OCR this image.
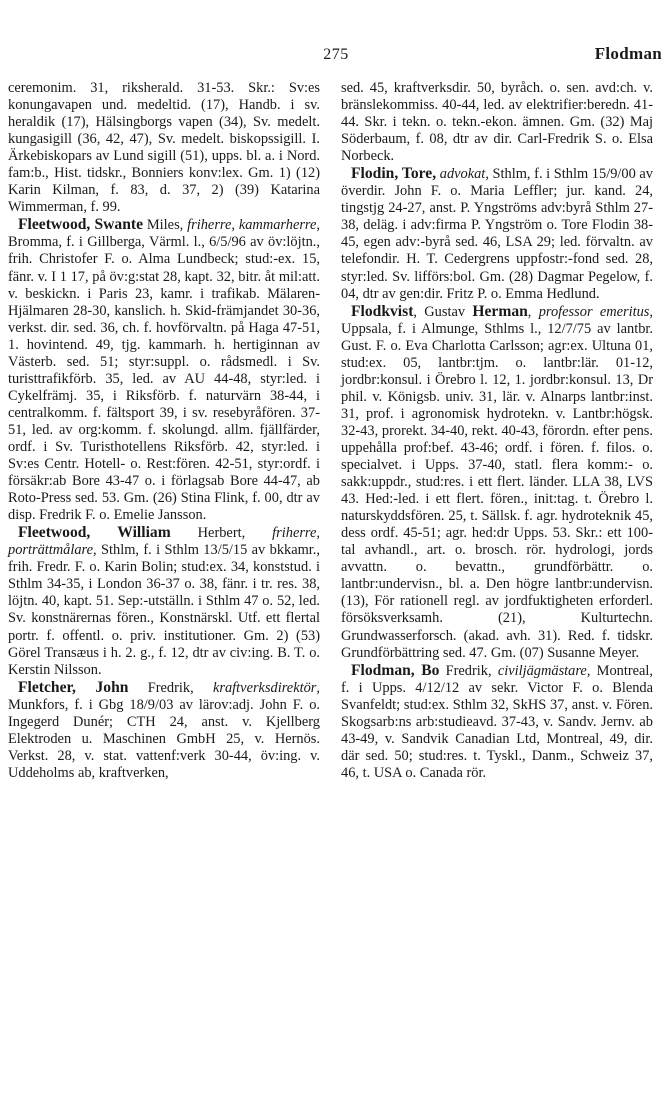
275	Flodman

ceremonim. 31, riksherald. 31-53. Skr.: Sv:es konungavapen und. medeltid. (17), Handb. i sv. heraldik (17), Hälsingborgs vapen (34), Sv. medelt. kungasigill (36, 42, 47), Sv. medelt. biskopssigill. I. Ärkebiskopars av Lund sigill (51), upps. bl. a. i Nord. fam:b., Hist. tidskr., Bonniers konv:lex. Gm. 1) (12) Karin Kilman, f. 83, d. 37, 2) (39) Katarina Wimmerman, f. 99.

Fleetwood, Swante Miles, friherre, kammarherre, Bromma, f. i Gillberga, Värml. l., 6/5/96 av öv:löjtn., frih. Christofer F. o. Alma Lundbeck; stud:-ex. 15, fänr. v. I 1 17, på öv:g:stat 28, kapt. 32, bitr. åt mil:att. v. beskickn. i Paris 23, kamr. i trafikab. Mälaren-Hjälmaren 28-30, kanslich. h. Skid-främjandet 30-36, verkst. dir. sed. 36, ch. f. hovförvaltn. på Haga 47-51, 1. hovintend. 49, tjg. kammarh. h. hertiginnan av Västerb. sed. 51; styr:suppl. o. rådsmedl. i Sv. turisttrafikförb. 35, led. av AU 44-48, styr:led. i Cykelfrämj. 35, i Riksförb. f. naturvärn 38-44, i centralkomm. f. fältsport 39, i sv. resebyråfören. 37-51, led. av org:komm. f. skolungd. allm. fjällfärder, ordf. i Sv. Turisthotellens Riksförb. 42, styr:led. i Sv:es Centr. Hotell- o. Rest:fören. 42-51, styr:ordf. i försäkr:ab Bore 43-47 o. i förlagsab Bore 44-47, ab Roto-Press sed. 53. Gm. (26) Stina Flink, f. 00, dtr av disp. Fredrik F. o. Emelie Jansson.

Fleetwood, William Herbert, friherre, porträttmålare, Sthlm, f. i Sthlm 13/5/15 av bkkamr., frih. Fredr. F. o. Karin Bolin; stud:ex. 34, konststud. i Sthlm 34-35, i London 36-37 o. 38, fänr. i tr. res. 38, löjtn. 40, kapt. 51. Sep:-utställn. i Sthlm 47 o. 52, led. Sv. konstnärernas fören., Konstnärskl. Utf. ett flertal portr. f. offentl. o. priv. institutioner. Gm. 2) (53) Görel Transæus i h. 2. g., f. 12, dtr av civ:ing. B. T. o. Kerstin Nilsson.

Fletcher, John Fredrik, kraftverksdirektör, Munkfors, f. i Gbg 18/9/03 av lärov:adj. John F. o. Ingegerd Dunér; CTH 24, anst. v. Kjellberg Elektroden u. Maschinen GmbH 25, v. Hernös. Verkst. 28, v. stat. vattenf:verk 30-44, öv:ing. v. Uddeholms ab, kraftverken,

sed. 45, kraftverksdir. 50, byråch. o. sen. avd:ch. v. bränslekommiss. 40-44, led. av elektrifier:beredn. 41-44. Skr. i tekn. o. tekn.-ekon. ämnen. Gm. (32) Maj Söderbaum, f. 08, dtr av dir. Carl-Fredrik S. o. Elsa Norbeck.

Flodin, Tore, advokat, Sthlm, f. i Sthlm 15/9/00 av överdir. John F. o. Maria Leffler; jur. kand. 24, tingstjg 24-27, anst. P. Yngströms adv:byrå Sthlm 27-38, deläg. i adv:firma P. Yngström o. Tore Flodin 38-45, egen adv:-byrå sed. 46, LSA 29; led. förvaltn. av telefondir. H. T. Cedergrens uppfostr:-fond sed. 28, styr:led. Sv. lifförs:bol. Gm. (28) Dagmar Pegelow, f. 04, dtr av gen:dir. Fritz P. o. Emma Hedlund.

Flodkvist, Gustav Herman, professor emeritus, Uppsala, f. i Almunge, Sthlms l., 12/7/75 av lantbr. Gust. F. o. Eva Charlotta Carlsson; agr:ex. Ultuna 01, stud:ex. 05, lantbr:tjm. o. lantbr:lär. 01-12, jordbr:konsul. i Örebro l. 12, 1. jordbr:konsul. 13, Dr phil. v. Königsb. univ. 31, lär. v. Alnarps lantbr:inst. 31, prof. i agronomisk hydrotekn. v. Lantbr:högsk. 32-43, prorekt. 34-40, rekt. 40-43, förordn. efter pens. uppehålla prof:bef. 43-46; ordf. i fören. f. filos. o. specialvet. i Upps. 37-40, statl. flera komm:- o. sakk:uppdr., stud:res. i ett flert. länder. LLA 38, LVS 43. Hed:-led. i ett flert. fören., init:tag. t. Örebro l. naturskyddsfören. 25, t. Sällsk. f. agr. hydroteknik 45, dess ordf. 45-51; agr. hed:dr Upps. 53. Skr.: ett 100-tal avhandl., art. o. brosch. rör. hydrologi, jords avvattn. o. bevattn., grundförbättr. o. lantbr:undervisn., bl. a. Den högre lantbr:undervisn. (13), För rationell regl. av jordfuktigheten erforderl. försöksverksamh. (21), Kulturtechn. Grundwasserforsch. (akad. avh. 31). Red. f. tidskr. Grundförbättring sed. 47. Gm. (07) Susanne Meyer.

Flodman, Bo Fredrik, civiljägmästare, Montreal, f. i Upps. 4/12/12 av sekr. Victor F. o. Blenda Svanfeldt; stud:ex. Sthlm 32, SkHS 37, anst. v. Fören. Skogsarb:ns arb:studieavd. 37-43, v. Sandv. Jernv. ab 43-49, v. Sandvik Canadian Ltd, Montreal, 49, dir. där sed. 50; stud:res. t. Tyskl., Danm., Schweiz 37, 46, t. USA o. Canada rör.
